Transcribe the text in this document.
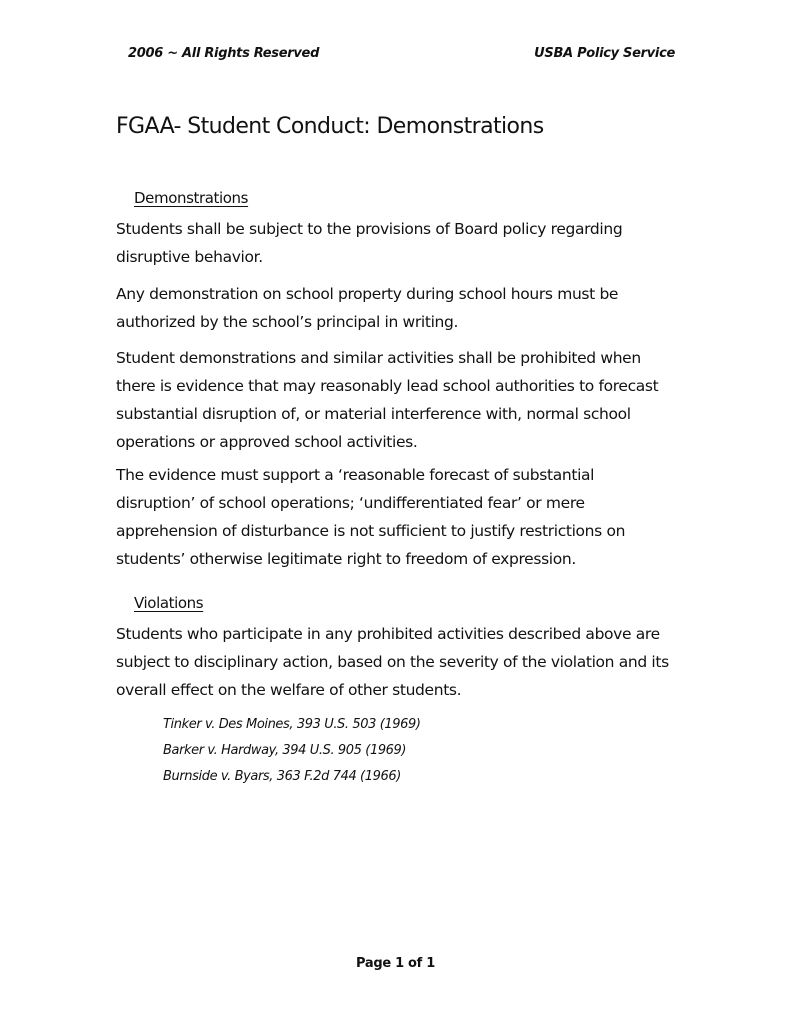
2006 ~ All Rights Reserved	USBA Policy Service
FGAA- Student Conduct: Demonstrations
Demonstrations

Students shall be subject to the provisions of Board policy regarding disruptive behavior.

Any demonstration on school property during school hours must be authorized by the school’s principal in writing.

Student demonstrations and similar activities shall be prohibited when there is evidence that may reasonably lead school authorities to forecast substantial disruption of, or material interference with, normal school operations or approved school activities.

The evidence must support a ‘reasonable forecast of substantial disruption’ of school operations; ‘undifferentiated fear’ or mere apprehension of disturbance is not sufficient to justify restrictions on students’ otherwise legitimate right to freedom of expression.

Violations

Students who participate in any prohibited activities described above are subject to disciplinary action, based on the severity of the violation and its overall effect on the welfare of other students.

Tinker v. Des Moines, 393 U.S. 503 (1969)
Barker v. Hardway, 394 U.S. 905 (1969)
Burnside v. Byars, 363 F.2d 744 (1966)
Page 1 of 1
